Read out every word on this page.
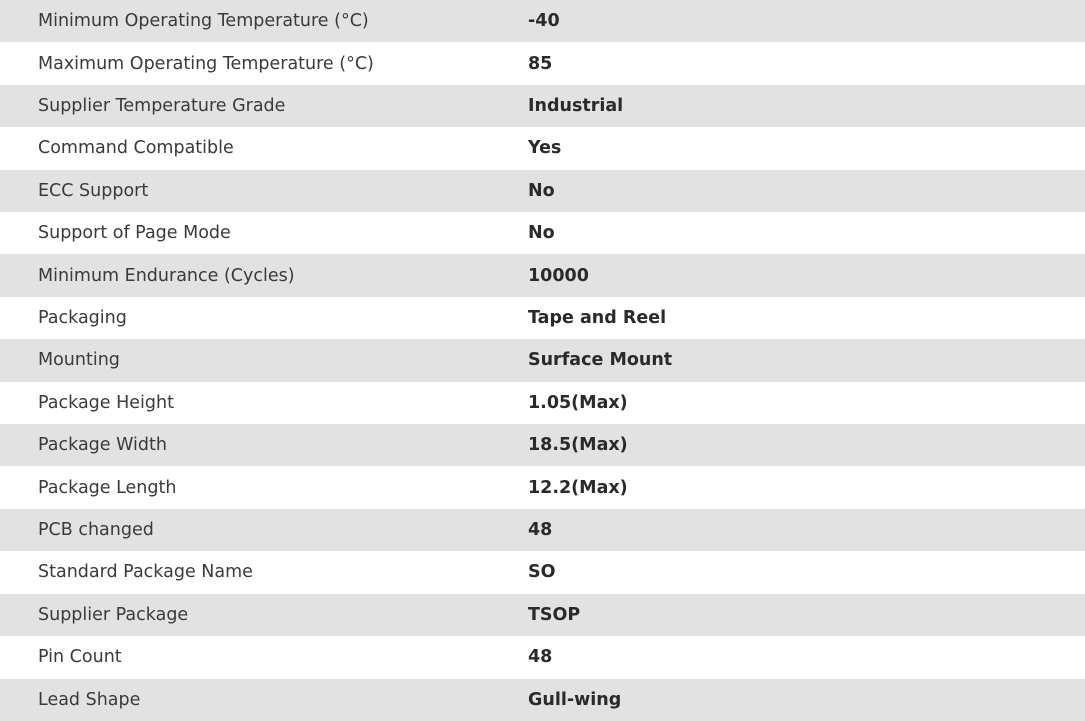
Minimum Operating Temperature (°C)	-40
Maximum Operating Temperature (°C)	85
Supplier Temperature Grade	Industrial
Command Compatible	Yes
ECC Support	No
Support of Page Mode	No
Minimum Endurance (Cycles)	10000
Packaging	Tape and Reel
Mounting	Surface Mount
Package Height	1.05(Max)
Package Width	18.5(Max)
Package Length	12.2(Max)
PCB changed	48
Standard Package Name	SO
Supplier Package	TSOP
Pin Count	48
Lead Shape	Gull-wing
